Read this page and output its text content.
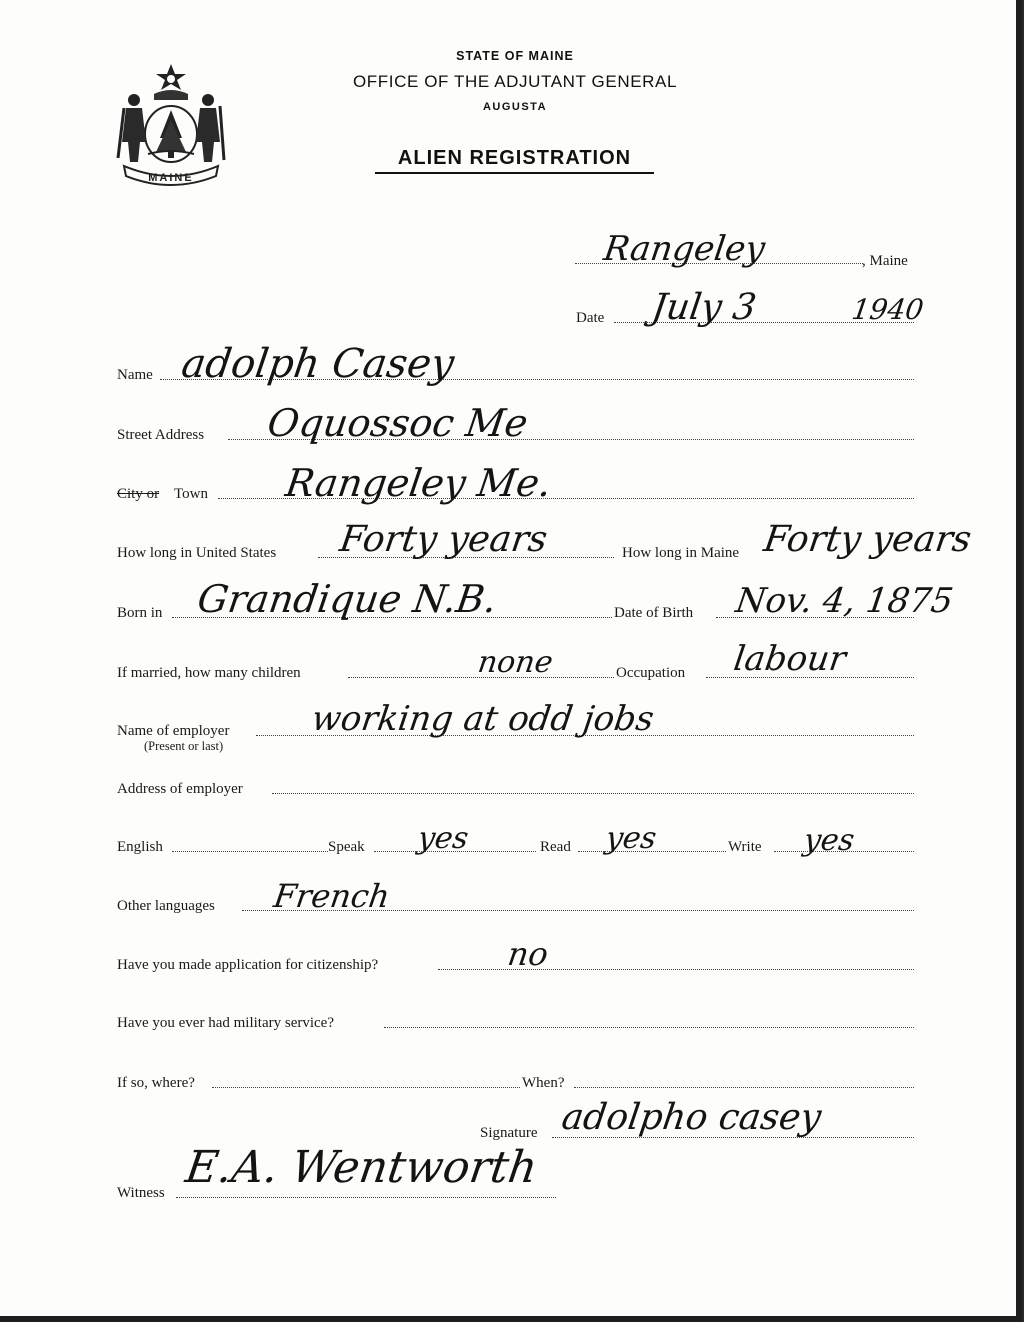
MAINE
STATE OF MAINE
OFFICE OF THE ADJUTANT GENERAL
AUGUSTA
ALIEN REGISTRATION
, Maine
Rangeley
Date July 3	1940
Name adolph Casey
Street Address Oquossoc Me
City or Town Rangeley Me.
How long in United States Forty years	How long in Maine Forty years
Born in Grandique N.B.	Date of Birth Nov. 4, 1875
If married, how many children	none	Occupation labour
Name of employer
(Present or last)
working at odd jobs
Address of employer
English	Speak yes	Read yes	Write yes
Other languages French
Have you made application for citizenship?	no
Have you ever had military service?
If so, where?	When?
Signature adolpho casey
Witness E.A. Wentworth
